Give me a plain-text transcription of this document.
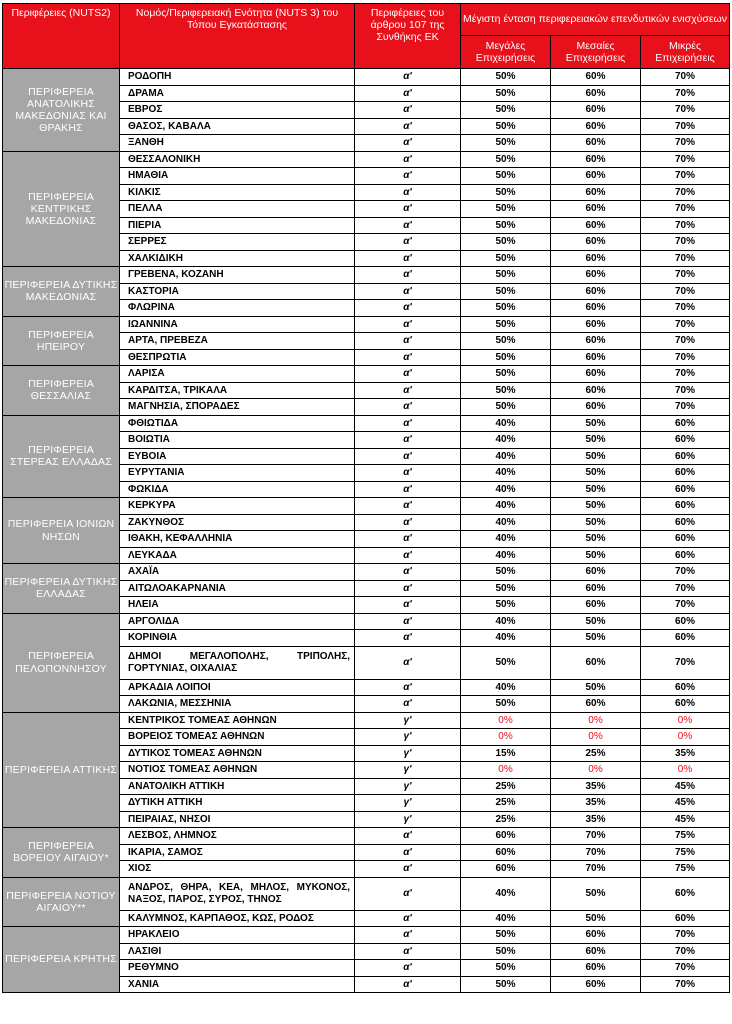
Περιφέρειες (NUTS2)	Νομός/Περιφερειακή Ενότητα (NUTS 3) του Τόπου Εγκατάστασης	Περιφέρειες του άρθρου 107 της Συνθήκης ΕΚ	Μέγιστη ένταση περιφερειακών επενδυτικών ενισχύσεων		
			Μεγάλες Επιχειρήσεις	Μεσαίες Επιχειρήσεις	Μικρές Επιχειρήσεις
ΠΕΡΙΦΕΡΕΙΑ ΑΝΑΤΟΛΙΚΗΣ ΜΑΚΕΔΟΝΙΑΣ ΚΑΙ ΘΡΑΚΗΣ	ΡΟΔΟΠΗ	α'	50%	60%	70%
	ΔΡΑΜΑ	α'	50%	60%	70%
	ΕΒΡΟΣ	α'	50%	60%	70%
	ΘΑΣΟΣ, ΚΑΒΑΛΑ	α'	50%	60%	70%
	ΞΑΝΘΗ	α'	50%	60%	70%
ΠΕΡΙΦΕΡΕΙΑ ΚΕΝΤΡΙΚΗΣ ΜΑΚΕΔΟΝΙΑΣ	ΘΕΣΣΑΛΟΝΙΚΗ	α'	50%	60%	70%
	ΗΜΑΘΙΑ	α'	50%	60%	70%
	ΚΙΛΚΙΣ	α'	50%	60%	70%
	ΠΕΛΛΑ	α'	50%	60%	70%
	ΠΙΕΡΙΑ	α'	50%	60%	70%
	ΣΕΡΡΕΣ	α'	50%	60%	70%
	ΧΑΛΚΙΔΙΚΗ	α'	50%	60%	70%
ΠΕΡΙΦΕΡΕΙΑ ΔΥΤΙΚΗΣ ΜΑΚΕΔΟΝΙΑΣ	ΓΡΕΒΕΝΑ, ΚΟΖΑΝΗ	α'	50%	60%	70%
	ΚΑΣΤΟΡΙΑ	α'	50%	60%	70%
	ΦΛΩΡΙΝΑ	α'	50%	60%	70%
ΠΕΡΙΦΕΡΕΙΑ ΗΠΕΙΡΟΥ	ΙΩΑΝΝΙΝΑ	α'	50%	60%	70%
	ΑΡΤΑ, ΠΡΕΒΕΖΑ	α'	50%	60%	70%
	ΘΕΣΠΡΩΤΙΑ	α'	50%	60%	70%
ΠΕΡΙΦΕΡΕΙΑ ΘΕΣΣΑΛΙΑΣ	ΛΑΡΙΣΑ	α'	50%	60%	70%
	ΚΑΡΔΙΤΣΑ, ΤΡΙΚΑΛΑ	α'	50%	60%	70%
	ΜΑΓΝΗΣΙΑ, ΣΠΟΡΑΔΕΣ	α'	50%	60%	70%
ΠΕΡΙΦΕΡΕΙΑ ΣΤΕΡΕΑΣ ΕΛΛΑΔΑΣ	ΦΘΙΩΤΙΔΑ	α'	40%	50%	60%
	ΒΟΙΩΤΙΑ	α'	40%	50%	60%
	ΕΥΒΟΙΑ	α'	40%	50%	60%
	ΕΥΡΥΤΑΝΙΑ	α'	40%	50%	60%
	ΦΩΚΙΔΑ	α'	40%	50%	60%
ΠΕΡΙΦΕΡΕΙΑ ΙΟΝΙΩΝ ΝΗΣΩΝ	ΚΕΡΚΥΡΑ	α'	40%	50%	60%
	ΖΑΚΥΝΘΟΣ	α'	40%	50%	60%
	ΙΘΑΚΗ, ΚΕΦΑΛΛΗΝΙΑ	α'	40%	50%	60%
	ΛΕΥΚΑΔΑ	α'	40%	50%	60%
ΠΕΡΙΦΕΡΕΙΑ ΔΥΤΙΚΗΣ ΕΛΛΑΔΑΣ	ΑΧΑΪΑ	α'	50%	60%	70%
	ΑΙΤΩΛΟΑΚΑΡΝΑΝΙΑ	α'	50%	60%	70%
	ΗΛΕΙΑ	α'	50%	60%	70%
ΠΕΡΙΦΕΡΕΙΑ ΠΕΛΟΠΟΝΝΗΣΟΥ	ΑΡΓΟΛΙΔΑ	α'	40%	50%	60%
	ΚΟΡΙΝΘΙΑ	α'	40%	50%	60%
	ΔΗΜΟΙ ΜΕΓΑΛΟΠΟΛΗΣ, ΤΡΙΠΟΛΗΣ, ΓΟΡΤΥΝΙΑΣ, ΟΙΧΑΛΙΑΣ	α'	50%	60%	70%
	ΑΡΚΑΔΙΑ ΛΟΙΠΟΙ	α'	40%	50%	60%
	ΛΑΚΩΝΙΑ, ΜΕΣΣΗΝΙΑ	α'	50%	60%	60%
ΠΕΡΙΦΕΡΕΙΑ ΑΤΤΙΚΗΣ	ΚΕΝΤΡΙΚΟΣ ΤΟΜΕΑΣ ΑΘΗΝΩΝ	γ'	0%	0%	0%
	ΒΟΡΕΙΟΣ ΤΟΜΕΑΣ ΑΘΗΝΩΝ	γ'	0%	0%	0%
	ΔΥΤΙΚΟΣ ΤΟΜΕΑΣ ΑΘΗΝΩΝ	γ'	15%	25%	35%
	ΝΟΤΙΟΣ ΤΟΜΕΑΣ ΑΘΗΝΩΝ	γ'	0%	0%	0%
	ΑΝΑΤΟΛΙΚΗ ΑΤΤΙΚΗ	γ'	25%	35%	45%
	ΔΥΤΙΚΗ ΑΤΤΙΚΗ	γ'	25%	35%	45%
	ΠΕΙΡΑΙΑΣ, ΝΗΣΟΙ	γ'	25%	35%	45%
ΠΕΡΙΦΕΡΕΙΑ ΒΟΡΕΙΟΥ ΑΙΓΑΙΟΥ*	ΛΕΣΒΟΣ, ΛΗΜΝΟΣ	α'	60%	70%	75%
	ΙΚΑΡΙΑ, ΣΑΜΟΣ	α'	60%	70%	75%
	ΧΙΟΣ	α'	60%	70%	75%
ΠΕΡΙΦΕΡΕΙΑ ΝΟΤΙΟΥ ΑΙΓΑΙΟΥ**	ΑΝΔΡΟΣ, ΘΗΡΑ, ΚΕΑ, ΜΗΛΟΣ, ΜΥΚΟΝΟΣ, ΝΑΞΟΣ, ΠΑΡΟΣ, ΣΥΡΟΣ, ΤΗΝΟΣ	α'	40%	50%	60%
	ΚΑΛΥΜΝΟΣ, ΚΑΡΠΑΘΟΣ, ΚΩΣ, ΡΟΔΟΣ	α'	40%	50%	60%
ΠΕΡΙΦΕΡΕΙΑ ΚΡΗΤΗΣ	ΗΡΑΚΛΕΙΟ	α'	50%	60%	70%
	ΛΑΣΙΘΙ	α'	50%	60%	70%
	ΡΕΘΥΜΝΟ	α'	50%	60%	70%
	ΧΑΝΙΑ	α'	50%	60%	70%
